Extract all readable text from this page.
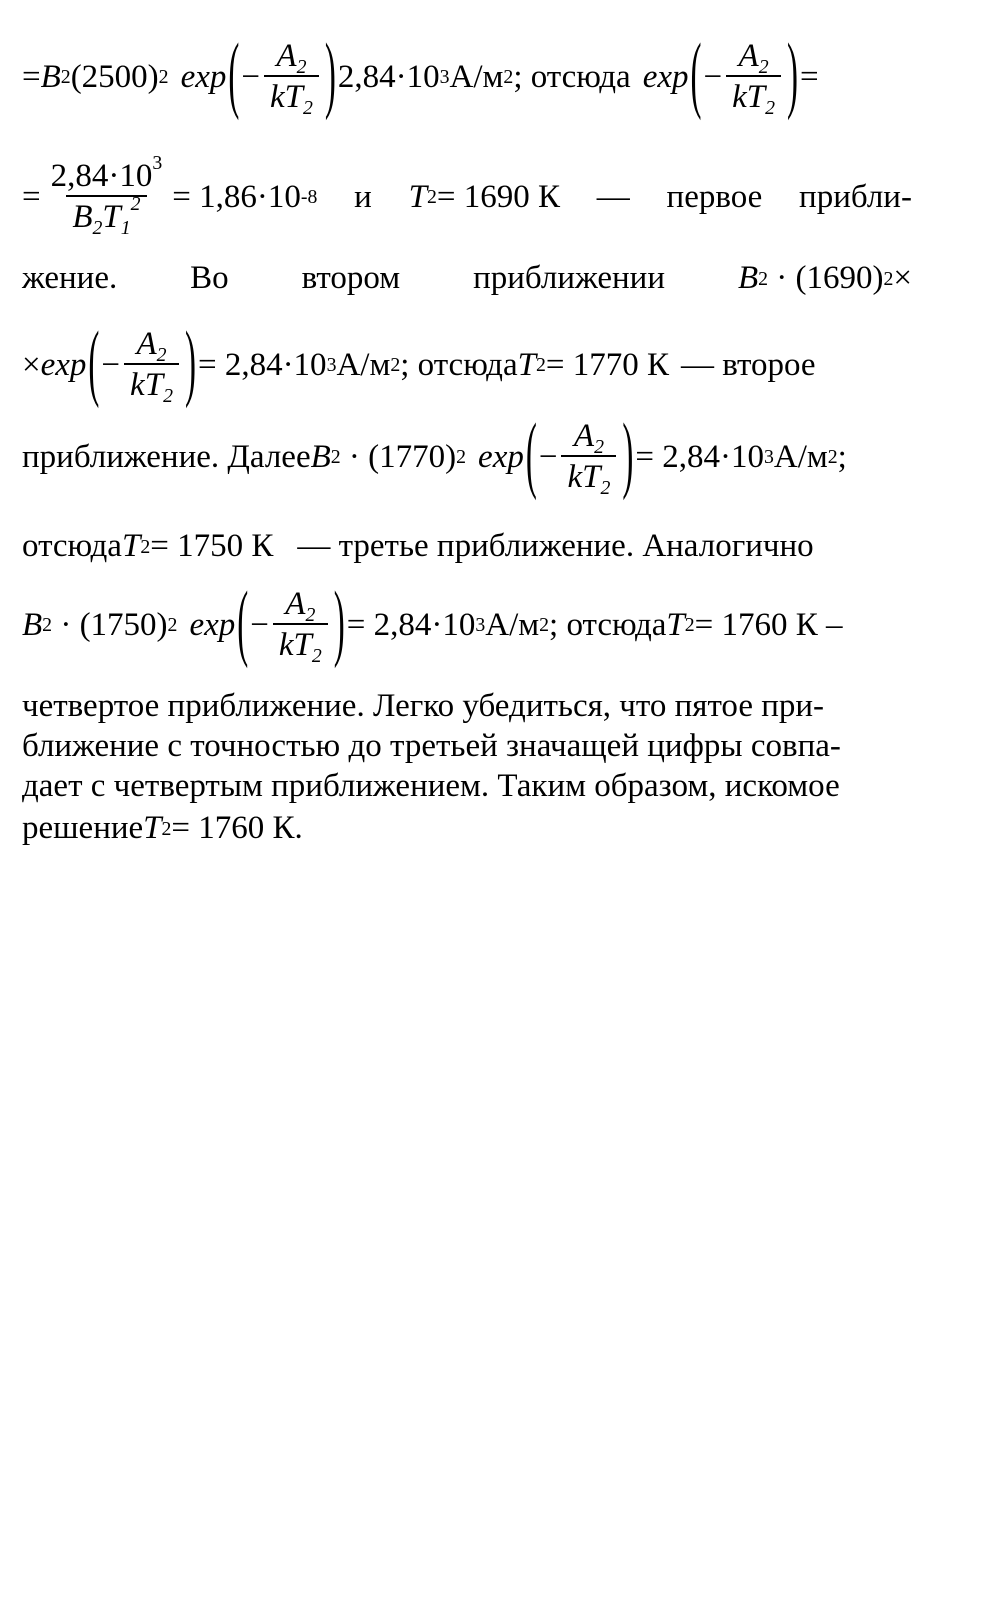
= B 2 (2500) 2 exp ( − $\frac{A_2}{kT_2}$ ) 2,84·10 3 А/м 2 ; отсюда exp ( − $\frac{A_2}{kT_2}$ ) =
= $\frac{2,84\cdot 10^3}{B_2T_1^2} = 1,86\cdot 10$ -8 и T 2 = 1690 К — первое прибли-
жение. Во втором приближении B 2
·
(1690) 2 ×
× exp ( − $\frac{A_2}{kT_2}$ ) = 2,84·10 3 А/м 2 ; отсюда T 2 = 1770 К — второе
приближение. Далее B 2
·
(1770) 2 exp ( − $\frac{A_2}{kT_2}$ ) = 2,84·10 3 А/м 2 ;
отсюда T 2 = 1750 К — третье приближение. Аналогично
B 2
·
(1750) 2 exp ( − $\frac{A_2}{kT_2}$ ) = 2,84·10 3 А/м 2 ; отсюда T 2 = 1760 К –
четвертое приближение. Легко убедиться, что пятое при-
ближение с точностью до третьей значащей цифры совпа-
дает с четвертым приближением. Таким образом, искомое
решение T 2 = 1760 К.
